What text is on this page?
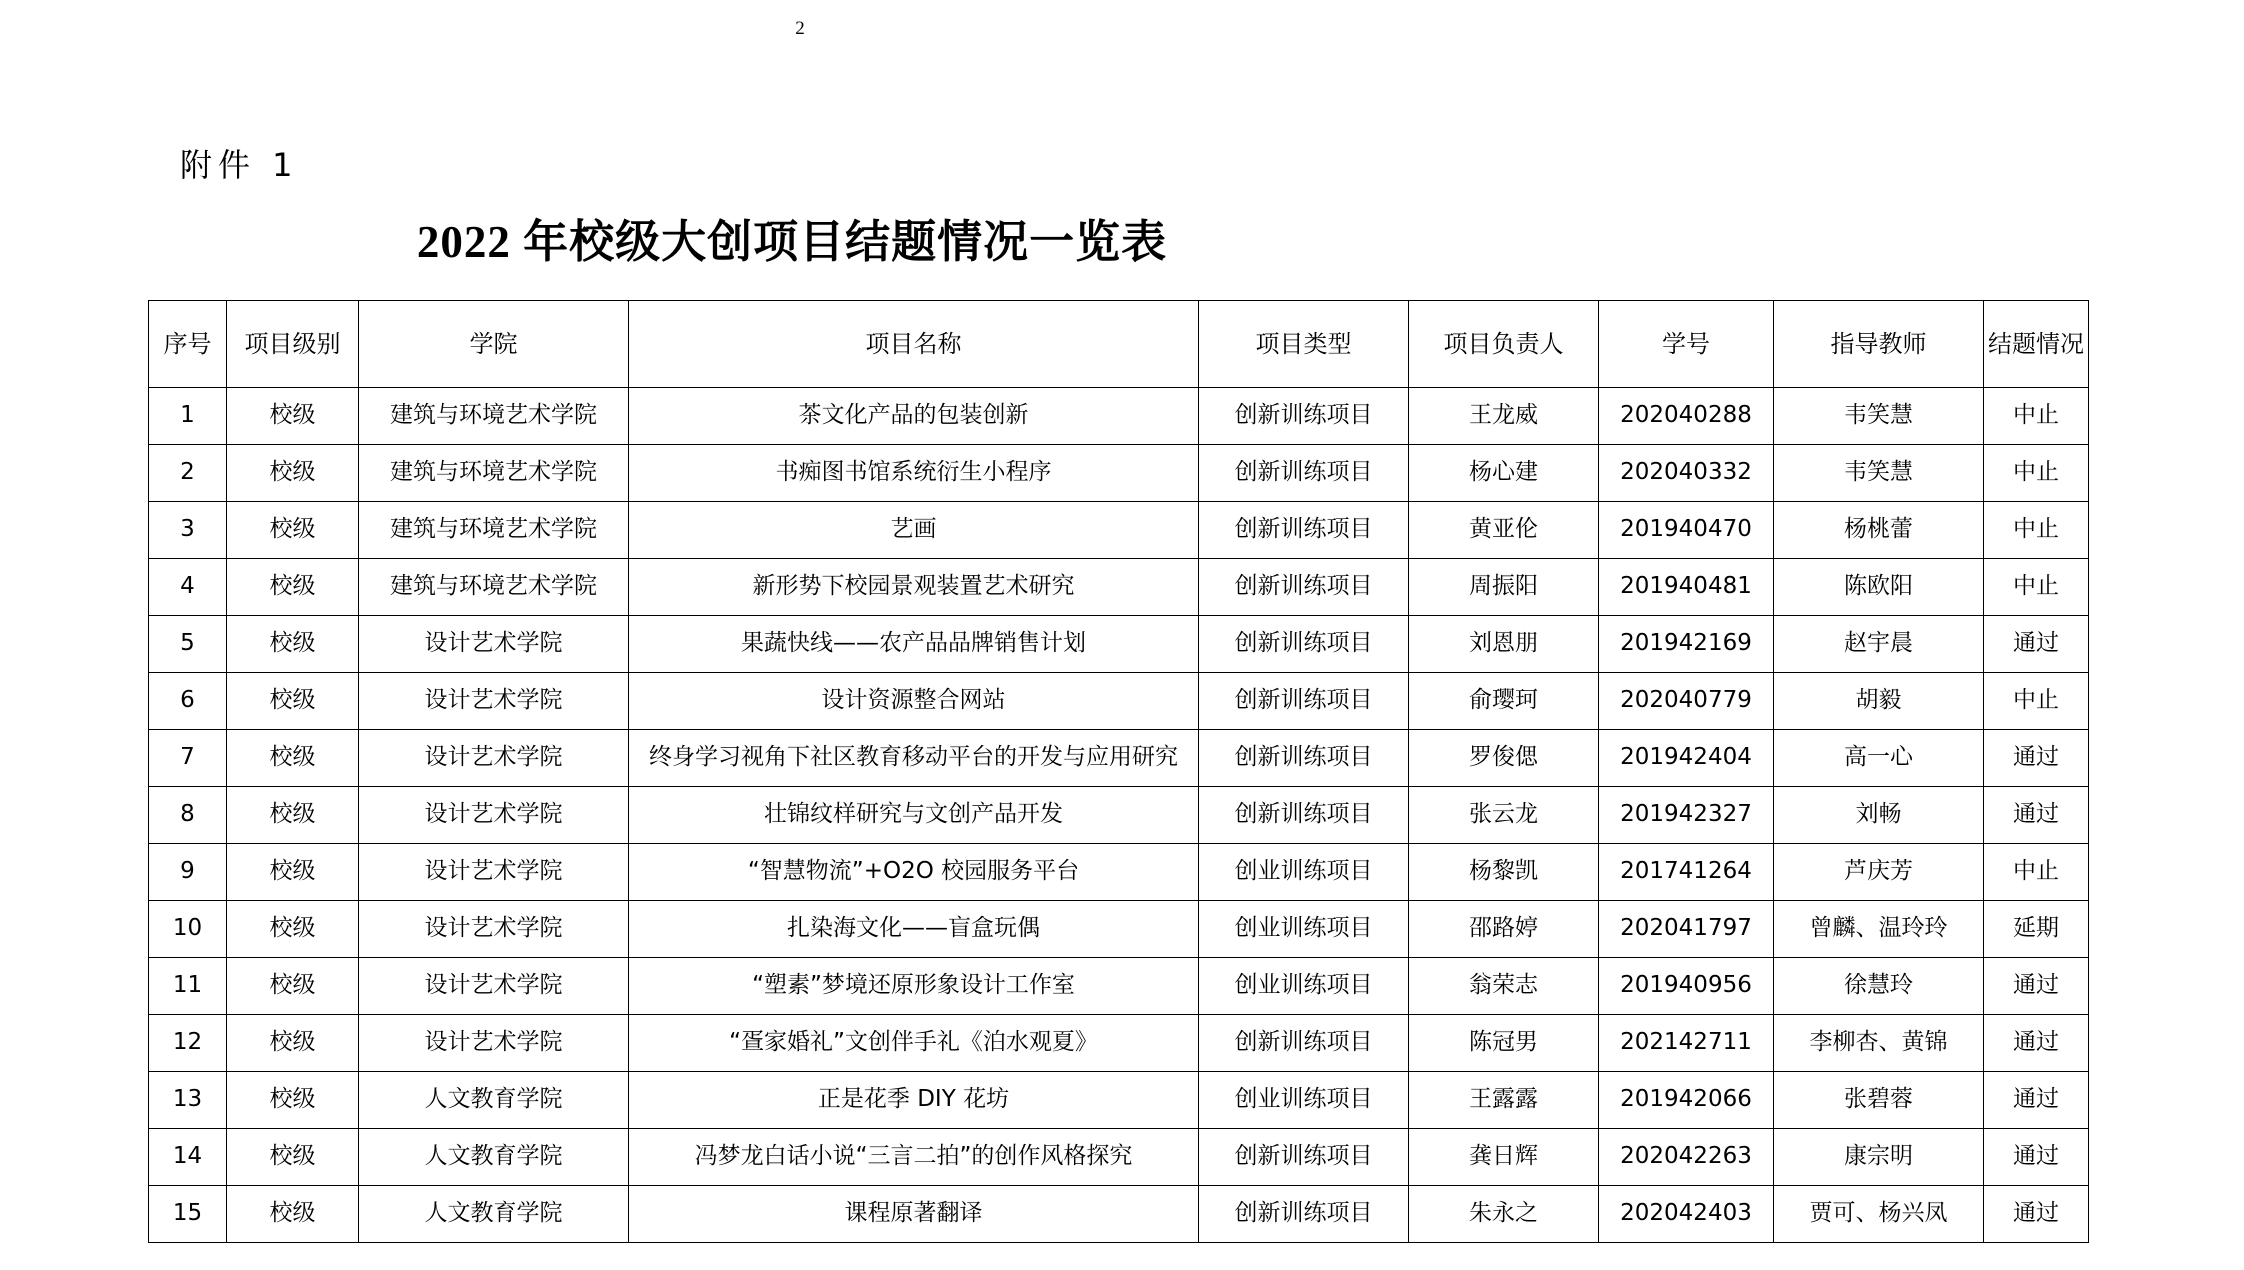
2
附件 1
2022 年校级大创项目结题情况一览表
序号	项目级别	学院	项目名称	项目类型	项目负责人	学号	指导教师	结题情况
1	校级	建筑与环境艺术学院	茶文化产品的包装创新	创新训练项目	王龙威	202040288	韦笑慧	中止
2	校级	建筑与环境艺术学院	书痴图书馆系统衍生小程序	创新训练项目	杨心建	202040332	韦笑慧	中止
3	校级	建筑与环境艺术学院	艺画	创新训练项目	黄亚伦	201940470	杨桃蕾	中止
4	校级	建筑与环境艺术学院	新形势下校园景观装置艺术研究	创新训练项目	周振阳	201940481	陈欧阳	中止
5	校级	设计艺术学院	果蔬快线——农产品品牌销售计划	创新训练项目	刘恩朋	201942169	赵宇晨	通过
6	校级	设计艺术学院	设计资源整合网站	创新训练项目	俞璎珂	202040779	胡毅	中止
7	校级	设计艺术学院	终身学习视角下社区教育移动平台的开发与应用研究	创新训练项目	罗俊偲	201942404	高一心	通过
8	校级	设计艺术学院	壮锦纹样研究与文创产品开发	创新训练项目	张云龙	201942327	刘畅	通过
9	校级	设计艺术学院	“智慧物流”+O2O 校园服务平台	创业训练项目	杨黎凯	201741264	芦庆芳	中止
10	校级	设计艺术学院	扎染海文化——盲盒玩偶	创业训练项目	邵路婷	202041797	曾麟、温玲玲	延期
11	校级	设计艺术学院	“塑素”梦境还原形象设计工作室	创业训练项目	翁荣志	201940956	徐慧玲	通过
12	校级	设计艺术学院	“疍家婚礼”文创伴手礼《泊水观夏》	创新训练项目	陈冠男	202142711	李柳杏、黄锦	通过
13	校级	人文教育学院	正是花季 DIY 花坊	创业训练项目	王露露	201942066	张碧蓉	通过
14	校级	人文教育学院	冯梦龙白话小说“三言二拍”的创作风格探究	创新训练项目	龚日辉	202042263	康宗明	通过
15	校级	人文教育学院	课程原著翻译	创新训练项目	朱永之	202042403	贾可、杨兴凤	通过
